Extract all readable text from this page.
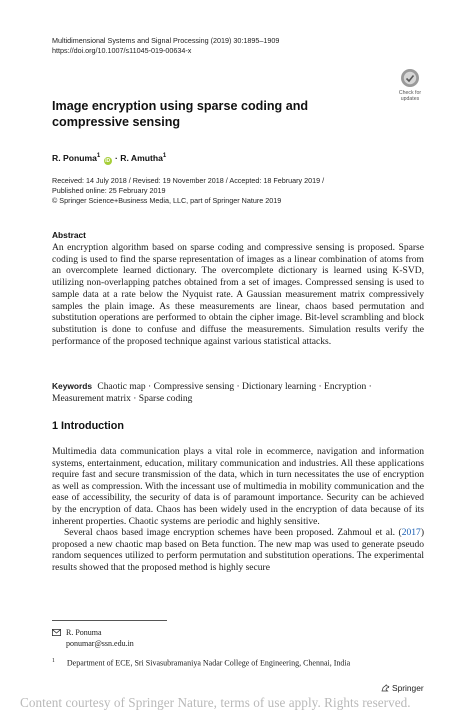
Multidimensional Systems and Signal Processing (2019) 30:1895–1909
https://doi.org/10.1007/s11045-019-00634-x
Check for
updates
Image encryption using sparse coding and compressive sensing
R. Ponuma$^1$ iD · R. Amutha$^1$
Received: 14 July 2018 / Revised: 19 November 2018 / Accepted: 18 February 2019 /
Published online: 25 February 2019
© Springer Science+Business Media, LLC, part of Springer Nature 2019
Abstract

An encryption algorithm based on sparse coding and compressive sensing is proposed. Sparse coding is used to find the sparse representation of images as a linear combination of atoms from an overcomplete learned dictionary. The overcomplete dictionary is learned using K-SVD, utilizing non-overlapping patches obtained from a set of images. Compressed sensing is used to sample data at a rate below the Nyquist rate. A Gaussian measurement matrix compressively samples the plain image. As these measurements are linear, chaos based permutation and substitution operations are performed to obtain the cipher image. Bit-level scrambling and block substitution is done to confuse and diffuse the measurements. Simulation results verify the performance of the proposed technique against various statistical attacks.

Keywords Chaotic map · Compressive sensing · Dictionary learning · Encryption · Measurement matrix · Sparse coding
1 Introduction

Multimedia data communication plays a vital role in ecommerce, navigation and information systems, entertainment, education, military communication and industries. All these applications require fast and secure transmission of the data, which in turn necessitates the use of encryption as well as compression. With the incessant use of multimedia in mobility communication and the ease of accessibility, the security of data is of paramount importance. Security can be achieved by the encryption of data. Chaos has been widely used in the encryption of data because of its inherent properties. Chaotic systems are periodic and highly sensitive.

Several chaos based image encryption schemes have been proposed. Zahmoul et al. (2017) proposed a new chaotic map based on Beta function. The new map was used to generate pseudo random sequences utilized to perform permutation and substitution operations. The experimental results showed that the proposed method is highly secure

R. Ponuma
ponumar@ssn.edu.in
$^1$ Department of ECE, Sri Sivasubramaniya Nadar College of Engineering, Chennai, India
Springer
Content courtesy of Springer Nature, terms of use apply. Rights reserved.
